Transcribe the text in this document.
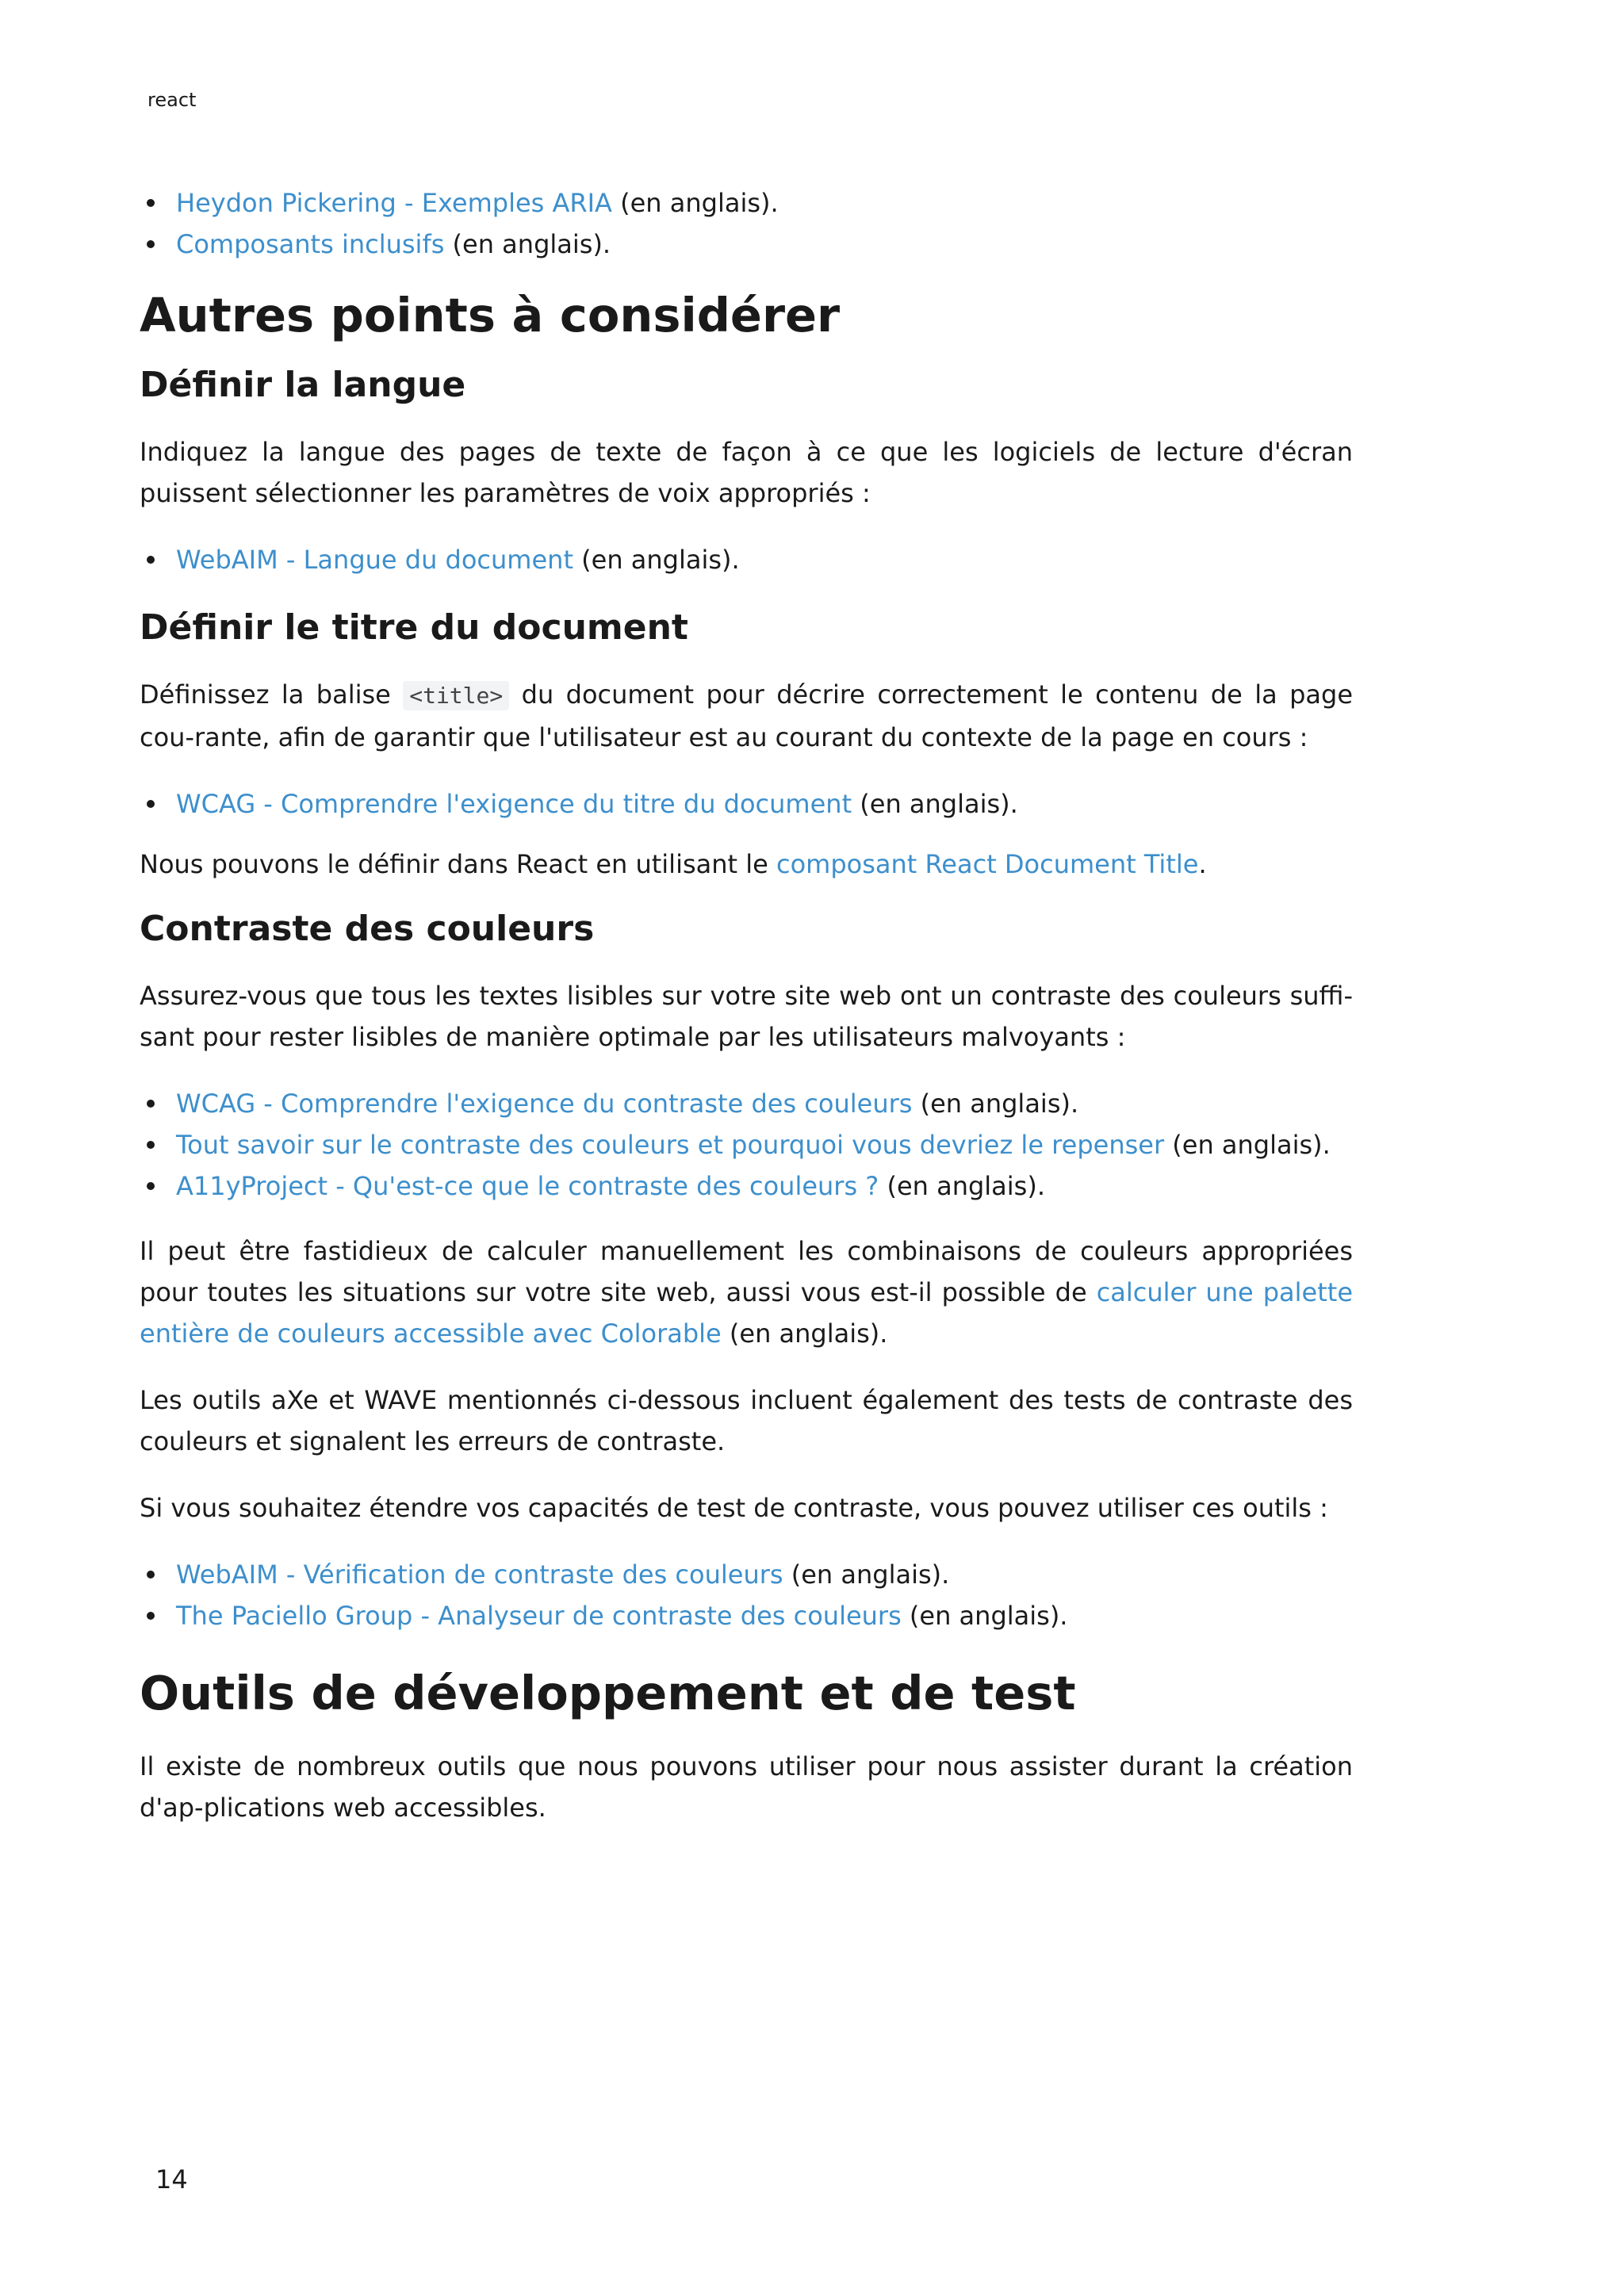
react
Heydon Pickering - Exemples ARIA (en anglais).
Composants inclusifs (en anglais).
Autres points à considérer
Définir la langue

Indiquez la langue des pages de texte de façon à ce que les logiciels de lecture d'écran puissent sélectionner les paramètres de voix appropriés :

WebAIM - Langue du document (en anglais).
Définir le titre du document

Définissez la balise <title> du document pour décrire correctement le contenu de la page cou-rante, afin de garantir que l'utilisateur est au courant du contexte de la page en cours :

WCAG - Comprendre l'exigence du titre du document (en anglais).

Nous pouvons le définir dans React en utilisant le composant React Document Title.

Contraste des couleurs

Assurez-vous que tous les textes lisibles sur votre site web ont un contraste des couleurs suffi-sant pour rester lisibles de manière optimale par les utilisateurs malvoyants :

WCAG - Comprendre l'exigence du contraste des couleurs (en anglais).
Tout savoir sur le contraste des couleurs et pourquoi vous devriez le repenser (en anglais).
A11yProject - Qu'est-ce que le contraste des couleurs ? (en anglais).

Il peut être fastidieux de calculer manuellement les combinaisons de couleurs appropriées pour toutes les situations sur votre site web, aussi vous est-il possible de calculer une palette entière de couleurs accessible avec Colorable (en anglais).

Les outils aXe et WAVE mentionnés ci-dessous incluent également des tests de contraste des couleurs et signalent les erreurs de contraste.

Si vous souhaitez étendre vos capacités de test de contraste, vous pouvez utiliser ces outils :

WebAIM - Vérification de contraste des couleurs (en anglais).
The Paciello Group - Analyseur de contraste des couleurs (en anglais).
Outils de développement et de test

Il existe de nombreux outils que nous pouvons utiliser pour nous assister durant la création d'ap-plications web accessibles.

14
